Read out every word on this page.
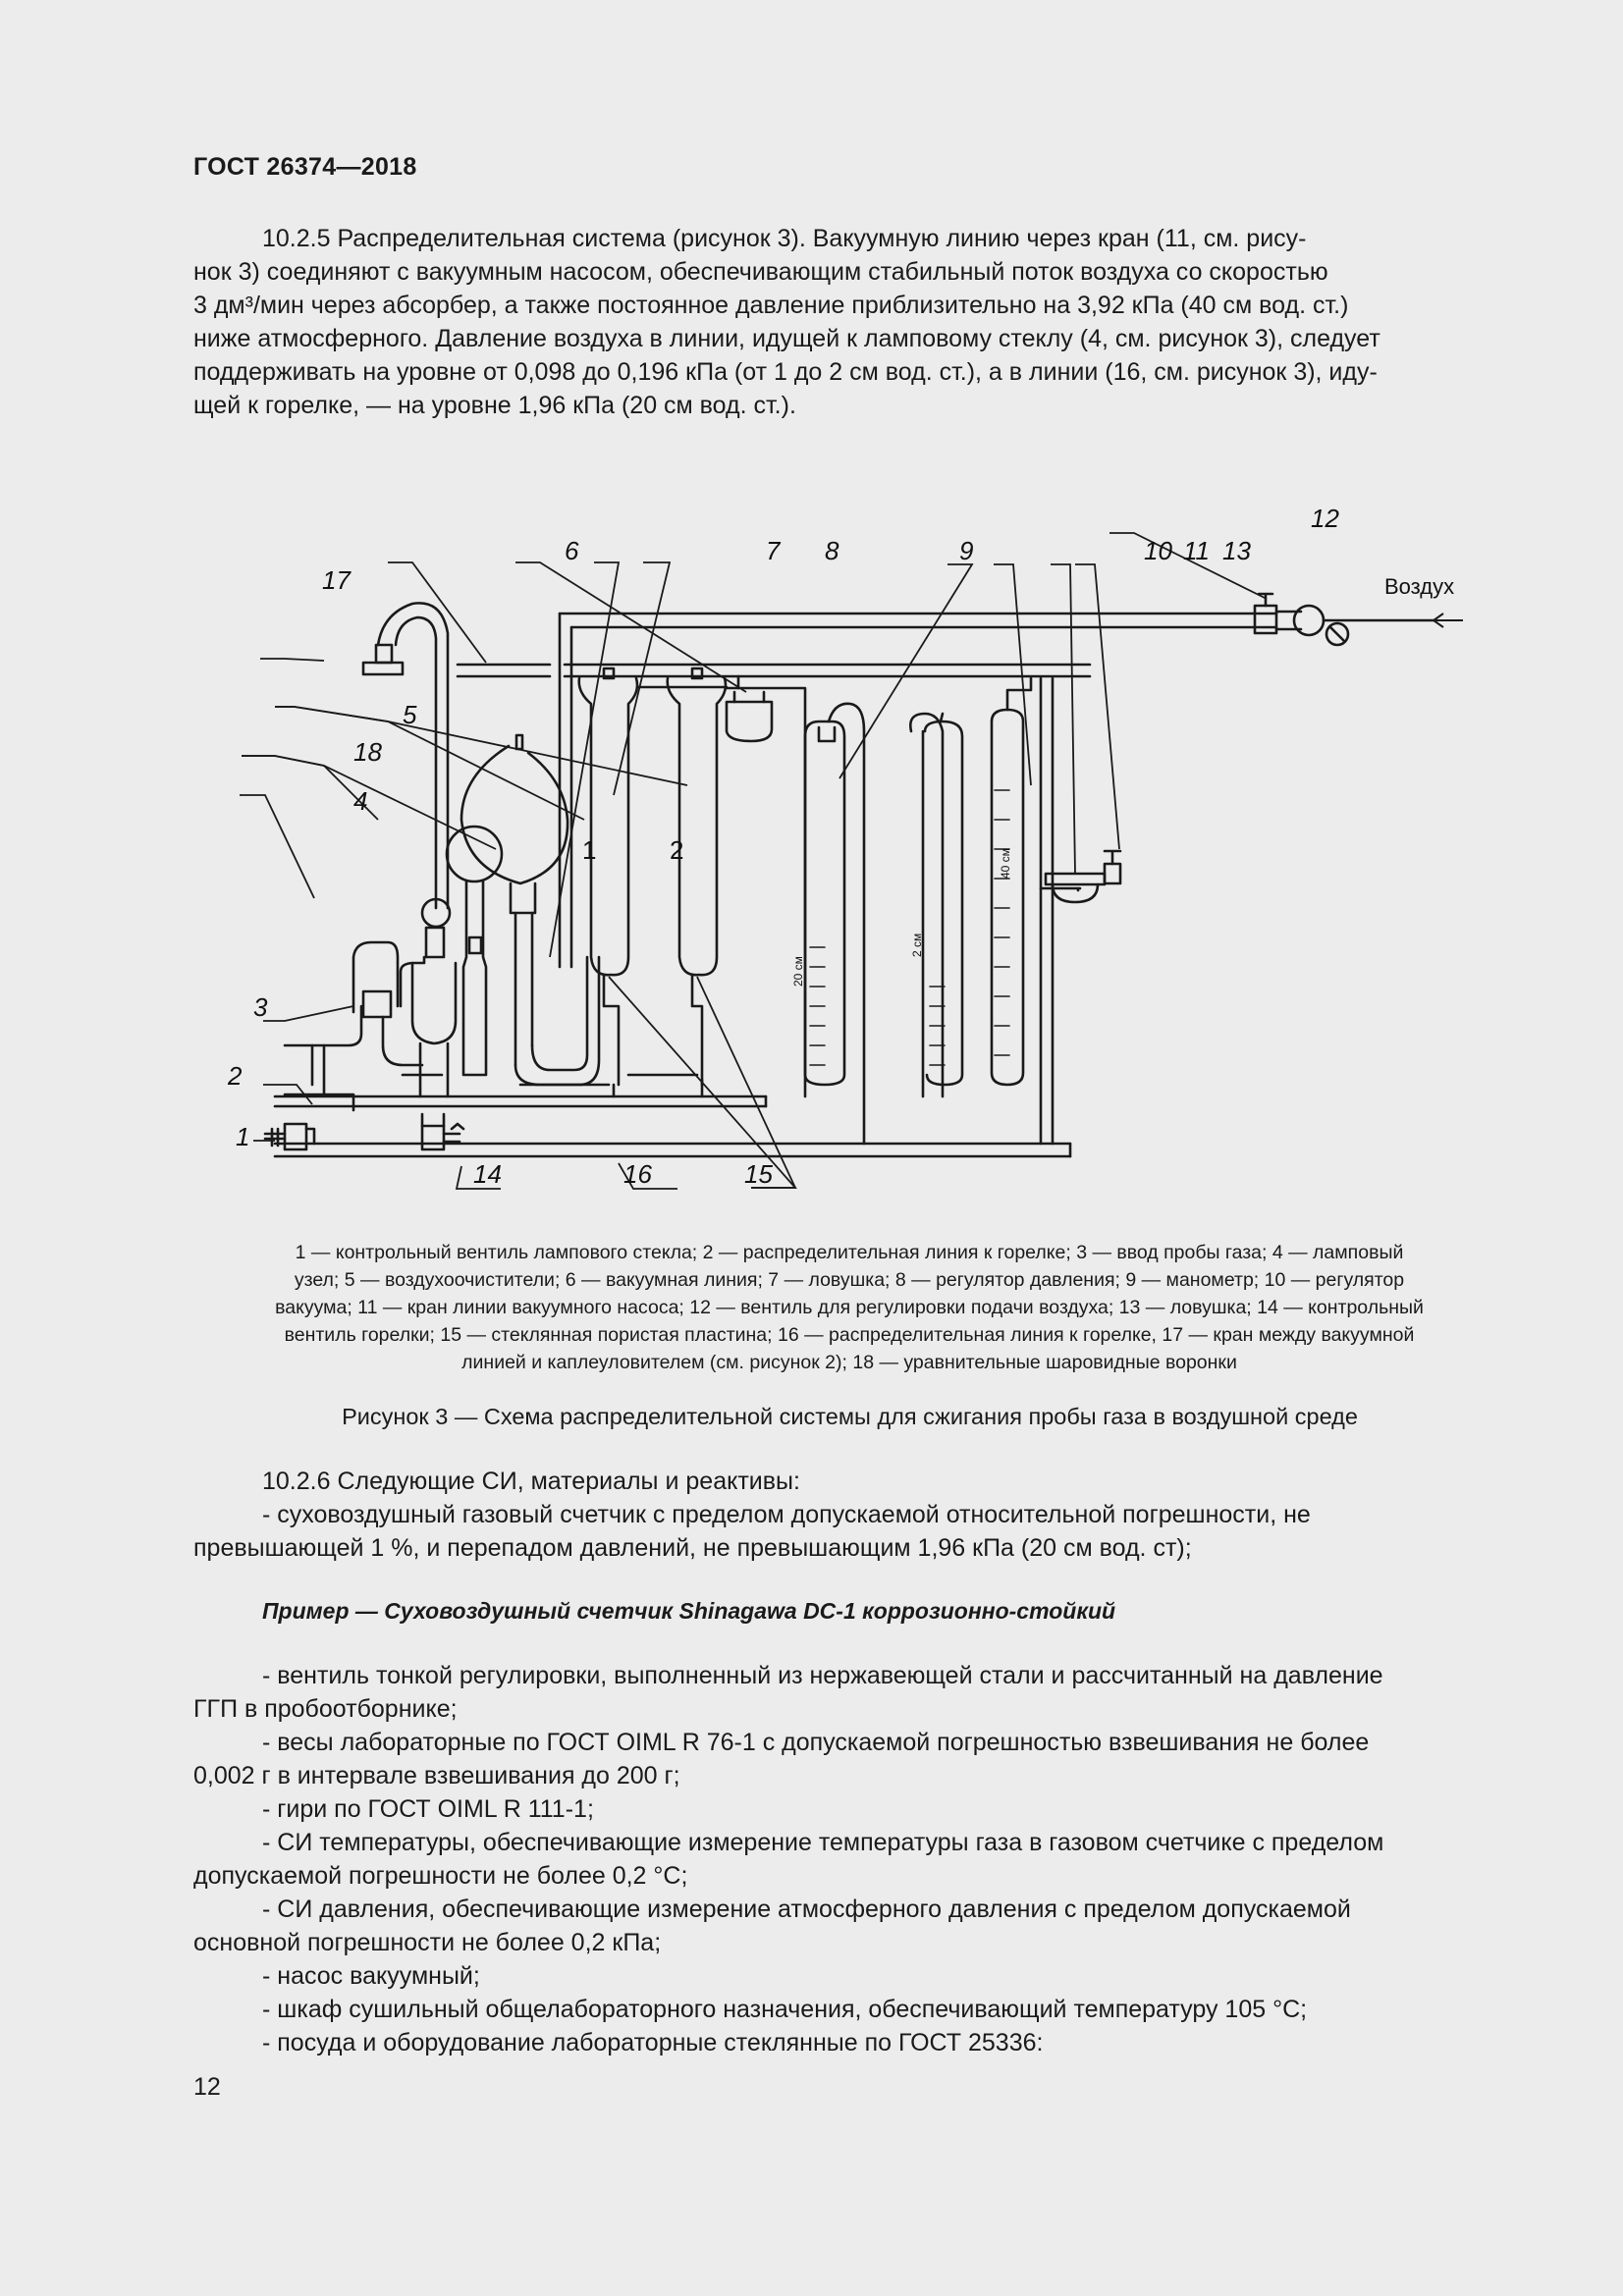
ГОСТ 26374—2018

10.2.5 Распределительная система (рисунок 3). Вакуумную линию через кран (11, см. рису-

нок 3) соединяют с вакуумным насосом, обеспечивающим стабильный поток воздуха со скоростью

3 дм³/мин через абсорбер, а также постоянное давление приблизительно на 3,92 кПа (40 см вод. ст.)

ниже атмосферного. Давление воздуха в линии, идущей к ламповому стеклу (4, см. рисунок 3), следует

поддерживать на уровне от 0,098 до 0,196 кПа (от 1 до 2 см вод. ст.), а в линии (16, см. рисунок 3), иду-

щей к горелке, — на уровне 1,96 кПа (20 см вод. ст.).

1
2
3
4
5
6	7 8	9	10 11
12
13
14	15
16
17
18
1	2
Воздух
20 см
2 см
40 см
1 — контрольный вентиль лампового стекла; 2 — распределительная линия к горелке; 3 — ввод пробы газа; 4 — ламповый
узел; 5 — воздухоочистители; 6 — вакуумная линия; 7 — ловушка; 8 — регулятор давления; 9 — манометр; 10 — регулятор
вакуума; 11 — кран линии вакуумного насоса; 12 — вентиль для регулировки подачи воздуха; 13 — ловушка; 14 — контрольный
вентиль горелки; 15 — стеклянная пористая пластина; 16 — распределительная линия к горелке, 17 — кран между вакуумной
линией и каплеуловителем (см. рисунок 2); 18 — уравнительные шаровидные воронки
Рисунок 3 — Схема распределительной системы для сжигания пробы газа в воздушной среде

10.2.6 Следующие СИ, материалы и реактивы:

- суховоздушный газовый счетчик с пределом допускаемой относительной погрешности, не

превышающей 1 %, и перепадом давлений, не превышающим 1,96 кПа (20 см вод. ст);

Пример — Суховоздушный счетчик Shinagawa DC-1 коррозионно-стойкий

- вентиль тонкой регулировки, выполненный из нержавеющей стали и рассчитанный на давление

ГГП в пробоотборнике;

- весы лабораторные по ГОСТ OIML R 76-1 с допускаемой погрешностью взвешивания не более

0,002 г в интервале взвешивания до 200 г;

- гири по ГОСТ OIML R 111-1;

- СИ температуры, обеспечивающие измерение температуры газа в газовом счетчике с пределом

допускаемой погрешности не более 0,2 °С;

- СИ давления, обеспечивающие измерение атмосферного давления с пределом допускаемой

основной погрешности не более 0,2 кПа;

- насос вакуумный;

- шкаф сушильный общелабораторного назначения, обеспечивающий температуру 105 °С;

- посуда и оборудование лабораторные стеклянные по ГОСТ 25336:

12
